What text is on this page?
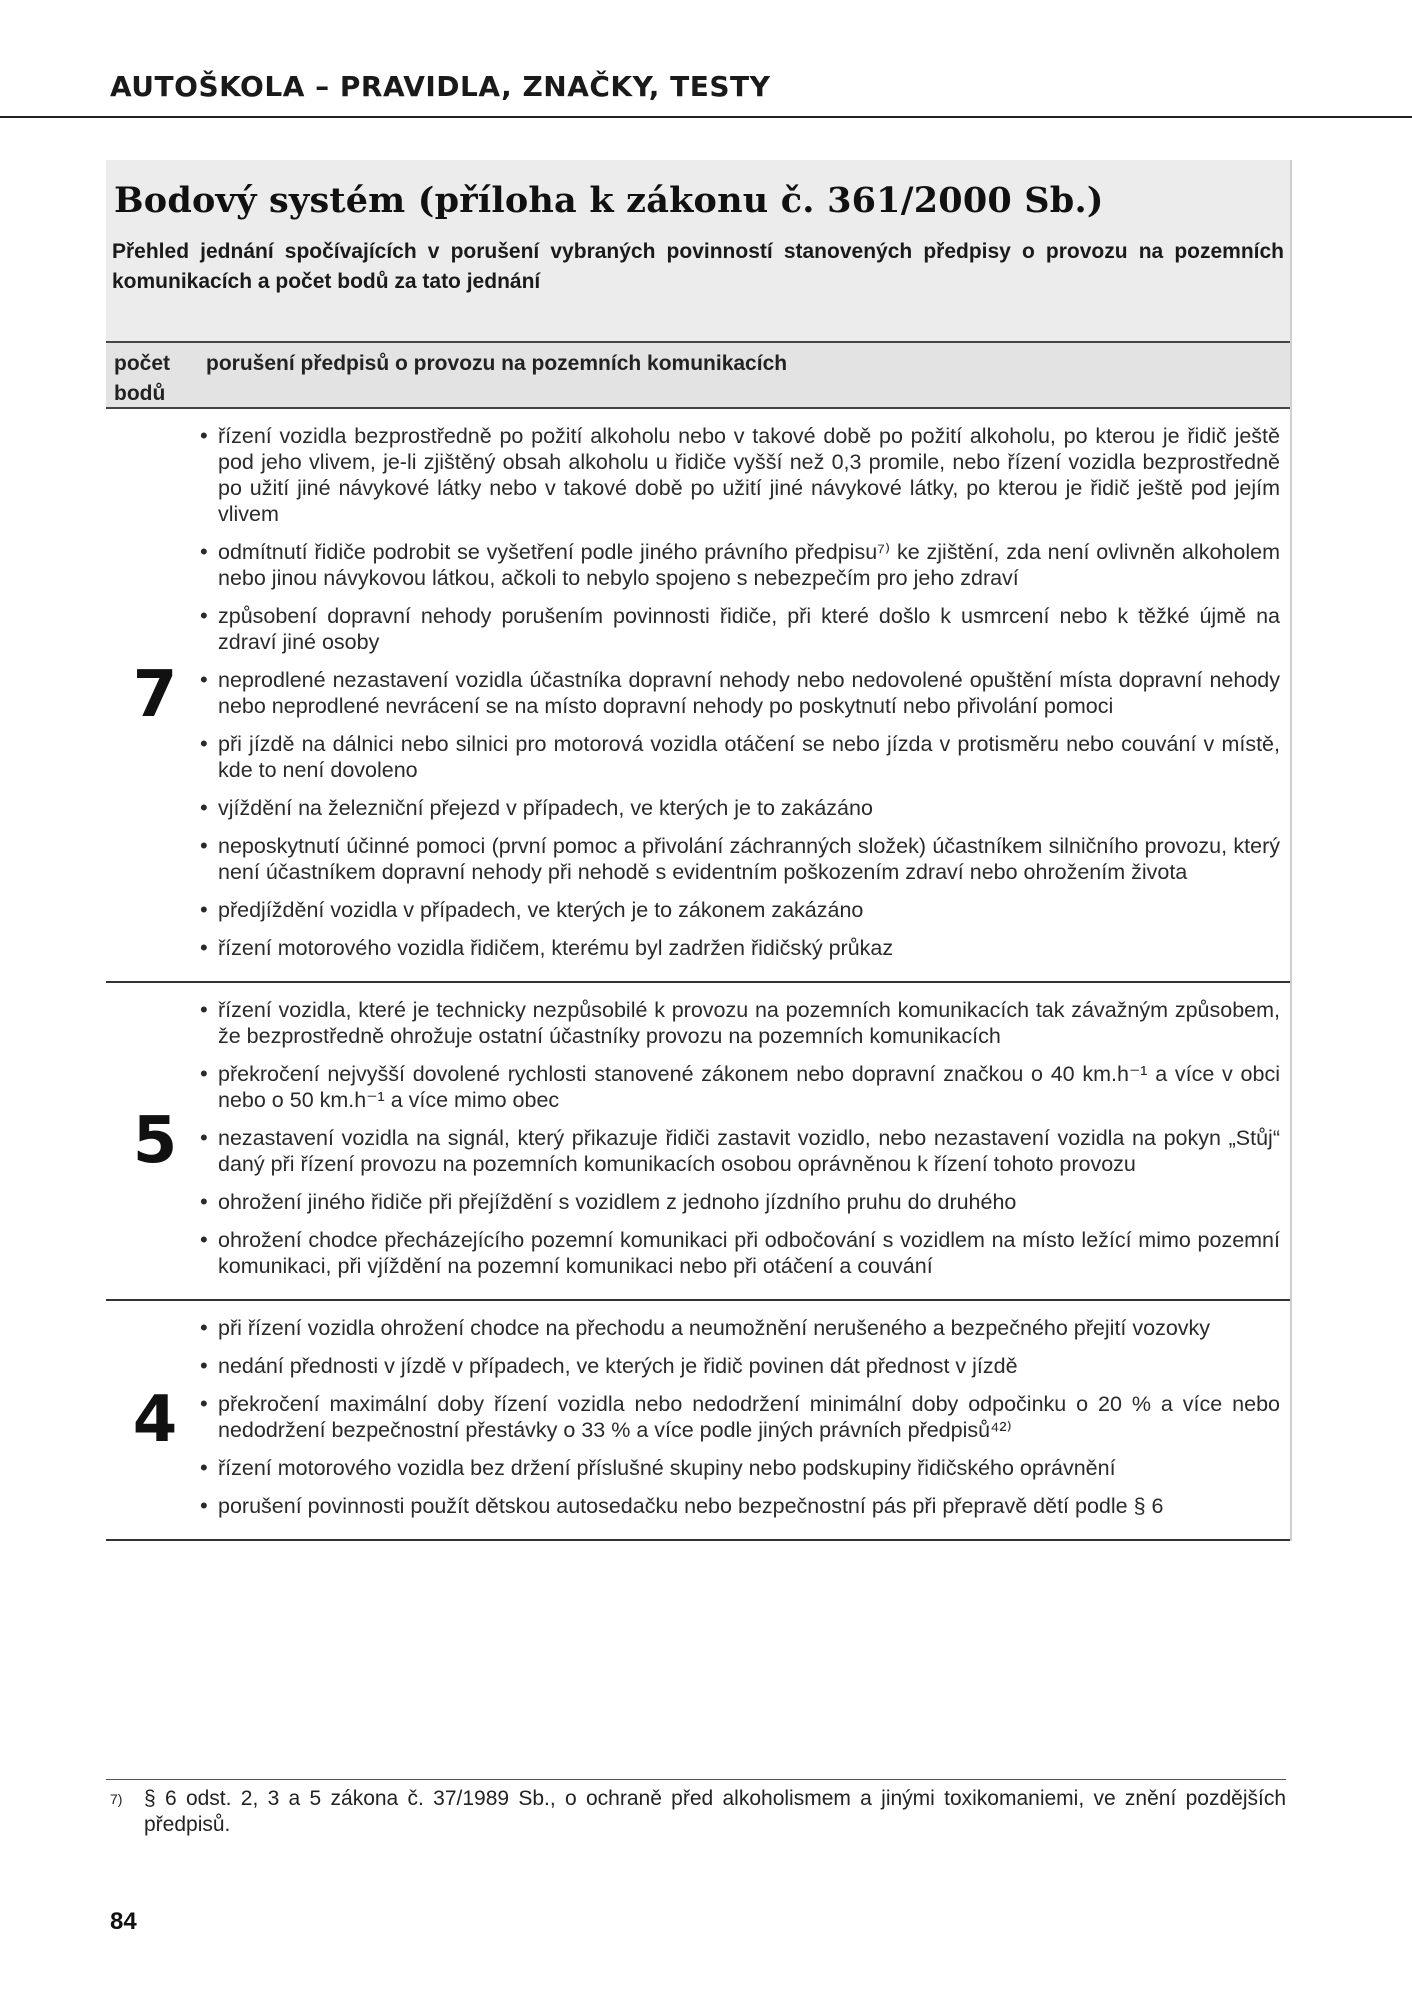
AUTOŠKOLA – PRAVIDLA, ZNAČKY, TESTY
Bodový systém (příloha k zákonu č. 361/2000 Sb.)
Přehled jednání spočívajících v porušení vybraných povinností stanovených předpisy o provozu na pozemních komunikacích a počet bodů za tato jednání
počet
bodů
porušení předpisů o provozu na pozemních komunikacích
7
• řízení vozidla bezprostředně po požití alkoholu nebo v takové době po požití alkoholu, po kterou je řidič ještě pod jeho vlivem, je-li zjištěný obsah alkoholu u řidiče vyšší než 0,3 promile, nebo řízení vozidla bezprostředně po užití jiné návykové látky nebo v takové době po užití jiné návykové látky, po kterou je řidič ještě pod jejím vlivem
• odmítnutí řidiče podrobit se vyšetření podle jiného právního předpisu⁷⁾ ke zjištění, zda není ovlivněn alkoholem nebo jinou návykovou látkou, ačkoli to nebylo spojeno s nebezpečím pro jeho zdraví
• způsobení dopravní nehody porušením povinnosti řidiče, při které došlo k usmrcení nebo k těžké újmě na zdraví jiné osoby
• neprodlené nezastavení vozidla účastníka dopravní nehody nebo nedovolené opuštění místa dopravní nehody nebo neprodlené nevrácení se na místo dopravní nehody po poskytnutí nebo přivolání pomoci
• při jízdě na dálnici nebo silnici pro motorová vozidla otáčení se nebo jízda v protisměru nebo couvání v místě, kde to není dovoleno
• vjíždění na železniční přejezd v případech, ve kterých je to zakázáno
• neposkytnutí účinné pomoci (první pomoc a přivolání záchranných složek) účastníkem silničního provozu, který není účastníkem dopravní nehody při nehodě s evidentním poškozením zdraví nebo ohrožením života
• předjíždění vozidla v případech, ve kterých je to zákonem zakázáno
• řízení motorového vozidla řidičem, kterému byl zadržen řidičský průkaz
5
• řízení vozidla, které je technicky nezpůsobilé k provozu na pozemních komunikacích tak závažným způsobem, že bezprostředně ohrožuje ostatní účastníky provozu na pozemních komunikacích
• překročení nejvyšší dovolené rychlosti stanovené zákonem nebo dopravní značkou o 40 km.h⁻¹ a více v obci nebo o 50 km.h⁻¹ a více mimo obec
• nezastavení vozidla na signál, který přikazuje řidiči zastavit vozidlo, nebo nezastavení vozidla na pokyn „Stůj“ daný při řízení provozu na pozemních komunikacích osobou oprávněnou k řízení tohoto provozu
• ohrožení jiného řidiče při přejíždění s vozidlem z jednoho jízdního pruhu do druhého
• ohrožení chodce přecházejícího pozemní komunikaci při odbočování s vozidlem na místo ležící mimo pozemní komunikaci, při vjíždění na pozemní komunikaci nebo při otáčení a couvání
4
• při řízení vozidla ohrožení chodce na přechodu a neumožnění nerušeného a bezpečného přejití vozovky
• nedání přednosti v jízdě v případech, ve kterých je řidič povinen dát přednost v jízdě
• překročení maximální doby řízení vozidla nebo nedodržení minimální doby odpočinku o 20 % a více nebo nedodržení bezpečnostní přestávky o 33 % a více podle jiných právních předpisů⁴²⁾
• řízení motorového vozidla bez držení příslušné skupiny nebo podskupiny řidičského oprávnění
• porušení povinnosti použít dětskou autosedačku nebo bezpečnostní pás při přepravě dětí podle § 6
7)	§ 6 odst. 2, 3 a 5 zákona č. 37/1989 Sb., o ochraně před alkoholismem a jinými toxikomaniemi, ve znění pozdějších předpisů.
84
